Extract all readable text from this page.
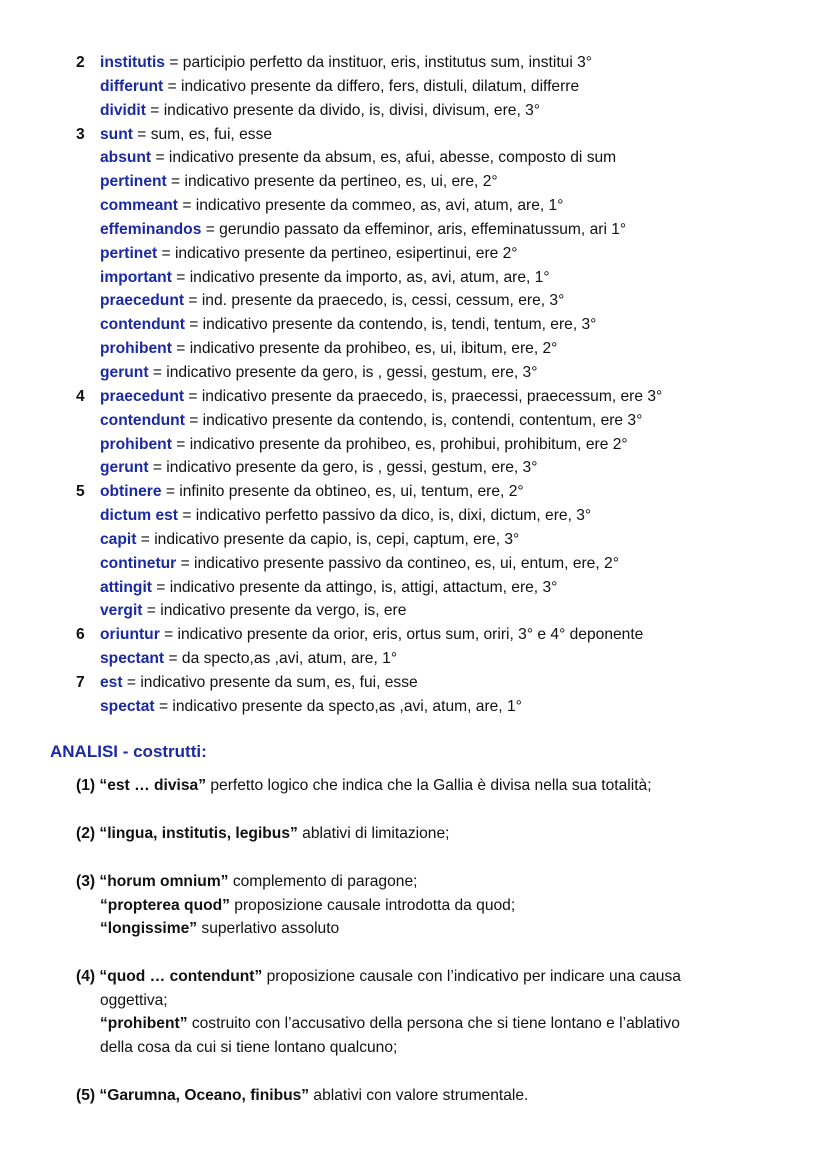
2 institutis = participio perfetto da instituor, eris, institutus sum, institui 3°
differunt = indicativo presente da differo, fers, distuli, dilatum, differre
dividit = indicativo presente da divido, is, divisi, divisum, ere, 3°
3 sunt = sum, es, fui, esse
absunt = indicativo presente da absum, es, afui, abesse, composto di sum
pertinent = indicativo presente da pertineo, es, ui, ere, 2°
commeant = indicativo presente da commeo, as, avi, atum, are, 1°
effeminandos = gerundio passato da effeminor, aris, effeminatussum, ari 1°
pertinet = indicativo presente da pertineo, esipertinui, ere 2°
important = indicativo presente da importo, as, avi, atum, are, 1°
praecedunt = ind. presente da praecedo, is, cessi, cessum, ere, 3°
contendunt = indicativo presente da contendo, is, tendi, tentum, ere, 3°
prohibent = indicativo presente da prohibeo, es, ui, ibitum, ere, 2°
gerunt = indicativo presente da gero, is , gessi, gestum, ere, 3°
4 praecedunt = indicativo presente da praecedo, is, praecessi, praecessum, ere 3°
contendunt = indicativo presente da contendo, is, contendi, contentum, ere 3°
prohibent = indicativo presente da prohibeo, es, prohibui, prohibitum, ere 2°
gerunt = indicativo presente da gero, is , gessi, gestum, ere, 3°
5 obtinere = infinito presente da obtineo, es, ui, tentum, ere, 2°
dictum est = indicativo perfetto passivo da dico, is, dixi, dictum, ere, 3°
capit = indicativo presente da capio, is, cepi, captum, ere, 3°
continetur = indicativo presente passivo da contineo, es, ui, entum, ere, 2°
attingit = indicativo presente da attingo, is, attigi, attactum, ere, 3°
vergit = indicativo presente da vergo, is, ere
6 oriuntur = indicativo presente da orior, eris, ortus sum, oriri, 3° e 4° deponente
spectant = da specto,as ,avi, atum, are, 1°
7 est = indicativo presente da sum, es, fui, esse
spectat = indicativo presente da specto,as ,avi, atum, are, 1°
ANALISI - costrutti:
(1) “est … divisa” perfetto logico che indica che la Gallia è divisa nella sua totalità;
(2) “lingua, institutis, legibus” ablativi di limitazione;
(3) “horum omnium” complemento di paragone;
“propterea quod” proposizione causale introdotta da quod;
“longissime” superlativo assoluto
(4) “quod … contendunt” proposizione causale con l’indicativo per indicare una causa
oggettiva;
“prohibent” costruito con l’accusativo della persona che si tiene lontano e l’ablativo
della cosa da cui si tiene lontano qualcuno;
(5) “Garumna, Oceano, finibus” ablativi con valore strumentale.
